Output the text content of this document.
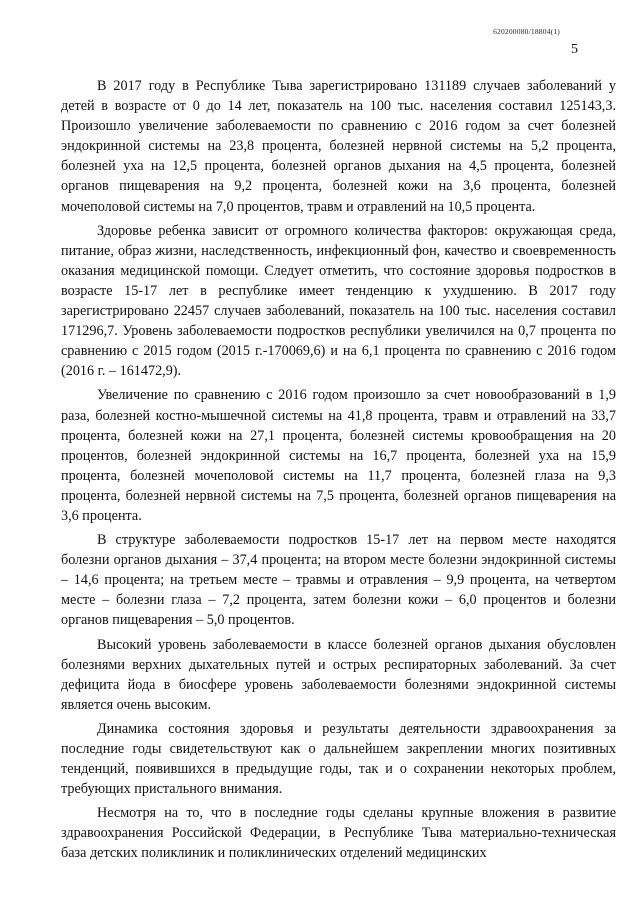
620200080/18804(1)
5

В 2017 году в Республике Тыва зарегистрировано 131189 случаев заболеваний у детей в возрасте от 0 до 14 лет, показатель на 100 тыс. населения составил 125143,3. Произошло увеличение заболеваемости по сравнению с 2016 годом за счет болезней эндокринной системы на 23,8 процента, болезней нервной системы на 5,2 процента, болезней уха на 12,5 процента, болезней органов дыхания на 4,5 процента, болезней органов пищеварения на 9,2 процента, болезней кожи на 3,6 процента, болезней мочеполовой системы на 7,0 процентов, травм и отравлений на 10,5 процента.

Здоровье ребенка зависит от огромного количества факторов: окружающая среда, питание, образ жизни, наследственность, инфекционный фон, качество и своевременность оказания медицинской помощи. Следует отметить, что состояние здоровья подростков в возрасте 15-17 лет в республике имеет тенденцию к ухудшению. В 2017 году зарегистрировано 22457 случаев заболеваний, показатель на 100 тыс. населения составил 171296,7. Уровень заболеваемости подростков республики увеличился на 0,7 процента по сравнению с 2015 годом (2015 г.-170069,6) и на 6,1 процента по сравнению с 2016 годом (2016 г. – 161472,9).

Увеличение по сравнению с 2016 годом произошло за счет новообразований в 1,9 раза, болезней костно-мышечной системы на 41,8 процента, травм и отравлений на 33,7 процента, болезней кожи на 27,1 процента, болезней системы кровообращения на 20 процентов, болезней эндокринной системы на 16,7 процента, болезней уха на 15,9 процента, болезней мочеполовой системы на 11,7 процента, болезней глаза на 9,3 процента, болезней нервной системы на 7,5 процента, болезней органов пищеварения на 3,6 процента.

В структуре заболеваемости подростков 15-17 лет на первом месте находятся болезни органов дыхания – 37,4 процента; на втором месте болезни эндокринной системы – 14,6 процента; на третьем месте – травмы и отравления – 9,9 процента, на четвертом месте – болезни глаза – 7,2 процента, затем болезни кожи – 6,0 процентов и болезни органов пищеварения – 5,0 процентов.

Высокий уровень заболеваемости в классе болезней органов дыхания обусловлен болезнями верхних дыхательных путей и острых респираторных заболеваний. За счет дефицита йода в биосфере уровень заболеваемости болезнями эндокринной системы является очень высоким.

Динамика состояния здоровья и результаты деятельности здравоохранения за последние годы свидетельствуют как о дальнейшем закреплении многих позитивных тенденций, появившихся в предыдущие годы, так и о сохранении некоторых проблем, требующих пристального внимания.

Несмотря на то, что в последние годы сделаны крупные вложения в развитие здравоохранения Российской Федерации, в Республике Тыва материально-техническая база детских поликлиник и поликлинических отделений медицинских
